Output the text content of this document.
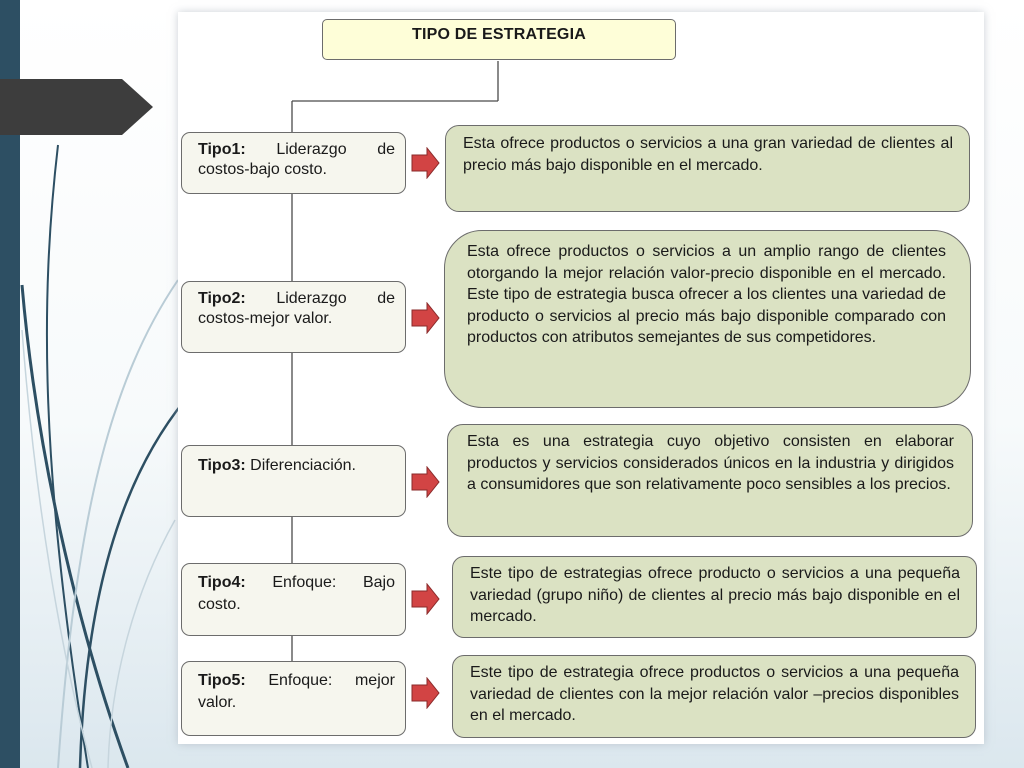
TIPO DE ESTRATEGIA
Tipo1: Liderazgo de costos-bajo costo.
Tipo2: Liderazgo de costos-mejor valor.
Tipo3: Diferenciación.
Tipo4: Enfoque: Bajo costo.
Tipo5: Enfoque: mejor valor.
Esta ofrece productos o servicios a una gran variedad de clientes al precio más bajo disponible en el mercado.
Esta ofrece productos o servicios a un amplio rango de clientes otorgando la mejor relación valor-precio disponible en el mercado. Este tipo de estrategia busca ofrecer a los clientes una variedad de producto o servicios al precio más bajo disponible comparado con productos con atributos semejantes de sus competidores.
Esta es una estrategia cuyo objetivo consisten en elaborar productos y servicios considerados únicos en la industria y dirigidos a consumidores que son relativamente poco sensibles a los precios.
Este tipo de estrategias ofrece producto o servicios a una pequeña variedad (grupo niño) de clientes al precio más bajo disponible en el mercado.
Este tipo de estrategia ofrece productos o servicios a una pequeña variedad de clientes con la mejor relación valor –precios disponibles en el mercado.
